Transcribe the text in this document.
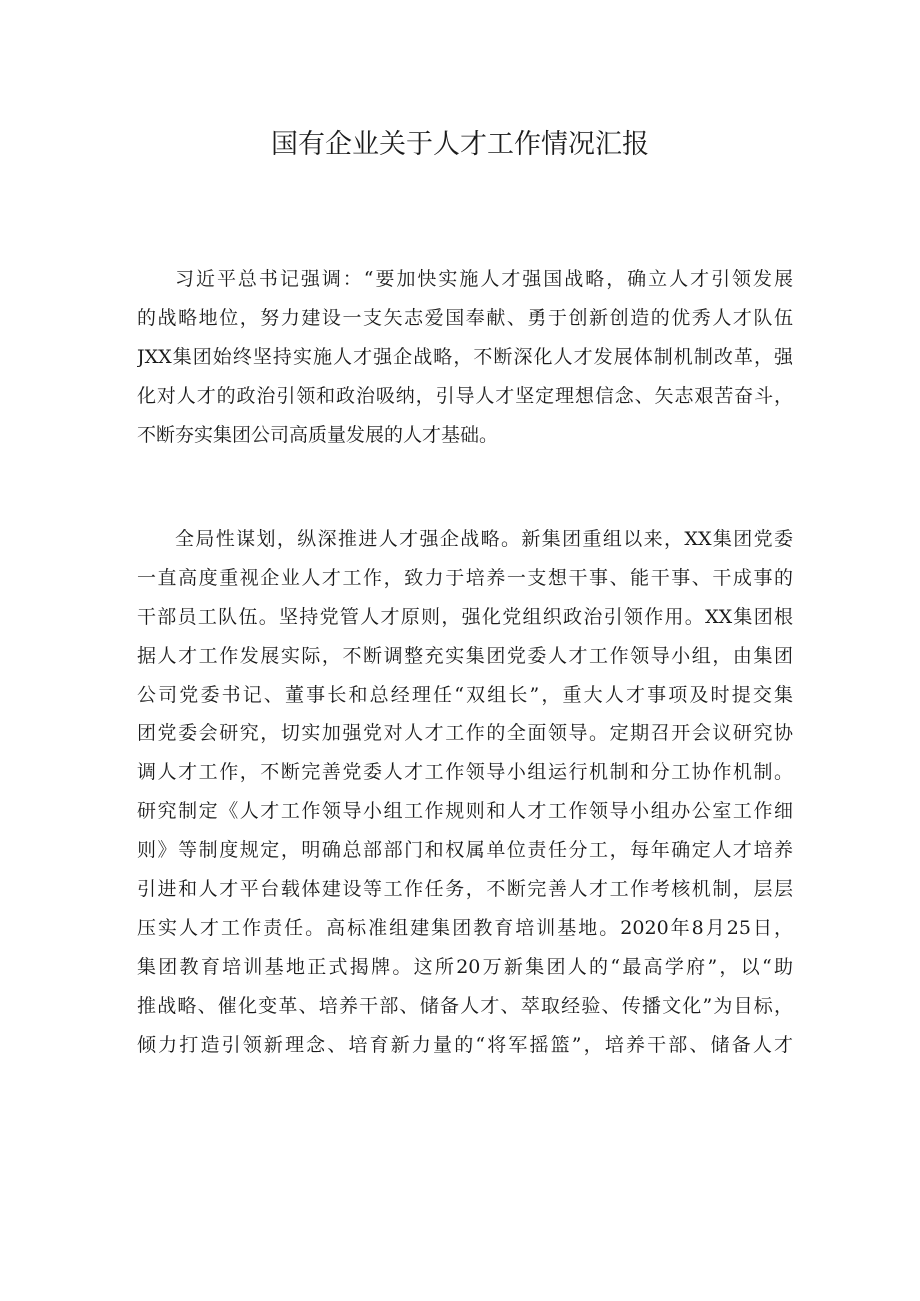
国有企业关于人才工作情况汇报
习近平总书记强调：“要加快实施人才强国战略，确立人才引领发展
的战略地位，努力建设一支矢志爱国奉献、勇于创新创造的优秀人才队伍
JXX集团始终坚持实施人才强企战略，不断深化人才发展体制机制改革，强
化对人才的政治引领和政治吸纳，引导人才坚定理想信念、矢志艰苦奋斗，
不断夯实集团公司高质量发展的人才基础。
全局性谋划，纵深推进人才强企战略。新集团重组以来，XX集团党委
一直高度重视企业人才工作，致力于培养一支想干事、能干事、干成事的
干部员工队伍。坚持党管人才原则，强化党组织政治引领作用。XX集团根
据人才工作发展实际，不断调整充实集团党委人才工作领导小组，由集团
公司党委书记、董事长和总经理任“双组长”，重大人才事项及时提交集
团党委会研究，切实加强党对人才工作的全面领导。定期召开会议研究协
调人才工作，不断完善党委人才工作领导小组运行机制和分工协作机制。
研究制定《人才工作领导小组工作规则和人才工作领导小组办公室工作细
则》等制度规定，明确总部部门和权属单位责任分工，每年确定人才培养
引进和人才平台载体建设等工作任务，不断完善人才工作考核机制，层层
压实人才工作责任。高标准组建集团教育培训基地。2020年8月25日，
集团教育培训基地正式揭牌。这所20万新集团人的“最高学府”，以“助
推战略、催化变革、培养干部、储备人才、萃取经验、传播文化”为目标，
倾力打造引领新理念、培育新力量的“将军摇篮”，培养干部、储备人才
